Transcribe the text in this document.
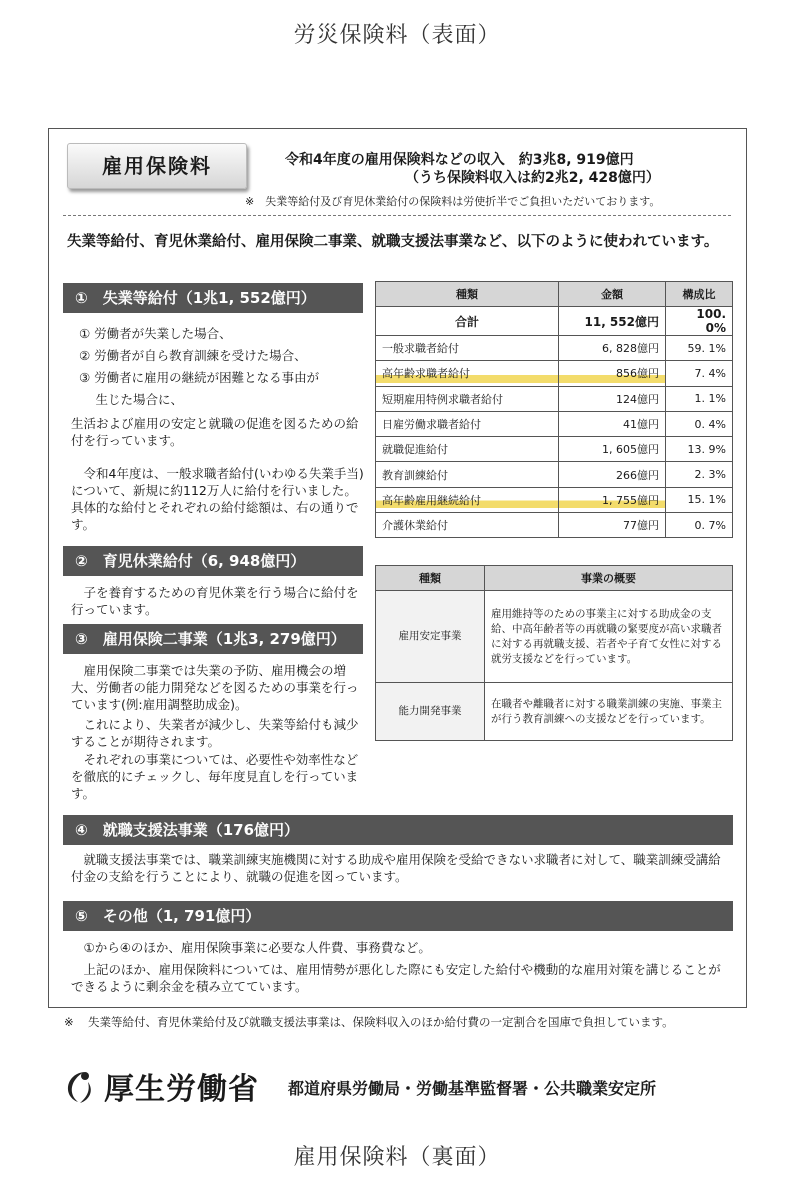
労災保険料（表面）
雇用保険料	令和4年度の雇用保険料などの収入　約3兆8, 919億円
（うち保険料収入は約2兆2, 428億円）
※　失業等給付及び育児休業給付の保険料は労使折半でご負担いただいております。
失業等給付、育児休業給付、雇用保険二事業、就職支援法事業など、以下のように使われています。
①　失業等給付（1兆1, 552億円）
① 労働者が失業した場合、
② 労働者が自ら教育訓練を受けた場合、
③ 労働者に雇用の継続が困難となる事由が
　 生じた場合に、
生活および雇用の安定と就職の促進を図るための給付を行っています。
　令和4年度は、一般求職者給付(いわゆる失業手当)について、新規に約112万人に給付を行いました。具体的な給付とそれぞれの給付総額は、右の通りです。
種類	金額	構成比
合計	11, 552億円	100. 0%
一般求職者給付	6, 828億円	59. 1%
高年齢求職者給付	856億円	7. 4%
短期雇用特例求職者給付	124億円	1. 1%
日雇労働求職者給付	41億円	0. 4%
就職促進給付	1, 605億円	13. 9%
教育訓練給付	266億円	2. 3%
高年齢雇用継続給付	1, 755億円	15. 1%
介護休業給付	77億円	0. 7%
②　育児休業給付（6, 948億円）
　子を養育するための育児休業を行う場合に給付を行っています。
種類	事業の概要
雇用安定事業	雇用維持等のための事業主に対する助成金の支給、中高年齢者等の再就職の緊要度が高い求職者に対する再就職支援、若者や子育て女性に対する就労支援などを行っています。
能力開発事業	在職者や離職者に対する職業訓練の実施、事業主が行う教育訓練への支援などを行っています。
③　雇用保険二事業（1兆3, 279億円）
　雇用保険二事業では失業の予防、雇用機会の増大、労働者の能力開発などを図るための事業を行っています(例:雇用調整助成金)。
　これにより、失業者が減少し、失業等給付も減少することが期待されます。
　それぞれの事業については、必要性や効率性などを徹底的にチェックし、毎年度見直しを行っています。
④　就職支援法事業（176億円）
　就職支援法事業では、職業訓練実施機関に対する助成や雇用保険を受給できない求職者に対して、職業訓練受講給付金の支給を行うことにより、就職の促進を図っています。
⑤　その他（1, 791億円）
　①から④のほか、雇用保険事業に必要な人件費、事務費など。
　上記のほか、雇用保険料については、雇用情勢が悪化した際にも安定した給付や機動的な雇用対策を講じることができるように剰余金を積み立てています。
※	失業等給付、育児休業給付及び就職支援法事業は、保険料収入のほか給付費の一定割合を国庫で負担しています。
厚生労働省 都道府県労働局・労働基準監督署・公共職業安定所
雇用保険料（裏面）
